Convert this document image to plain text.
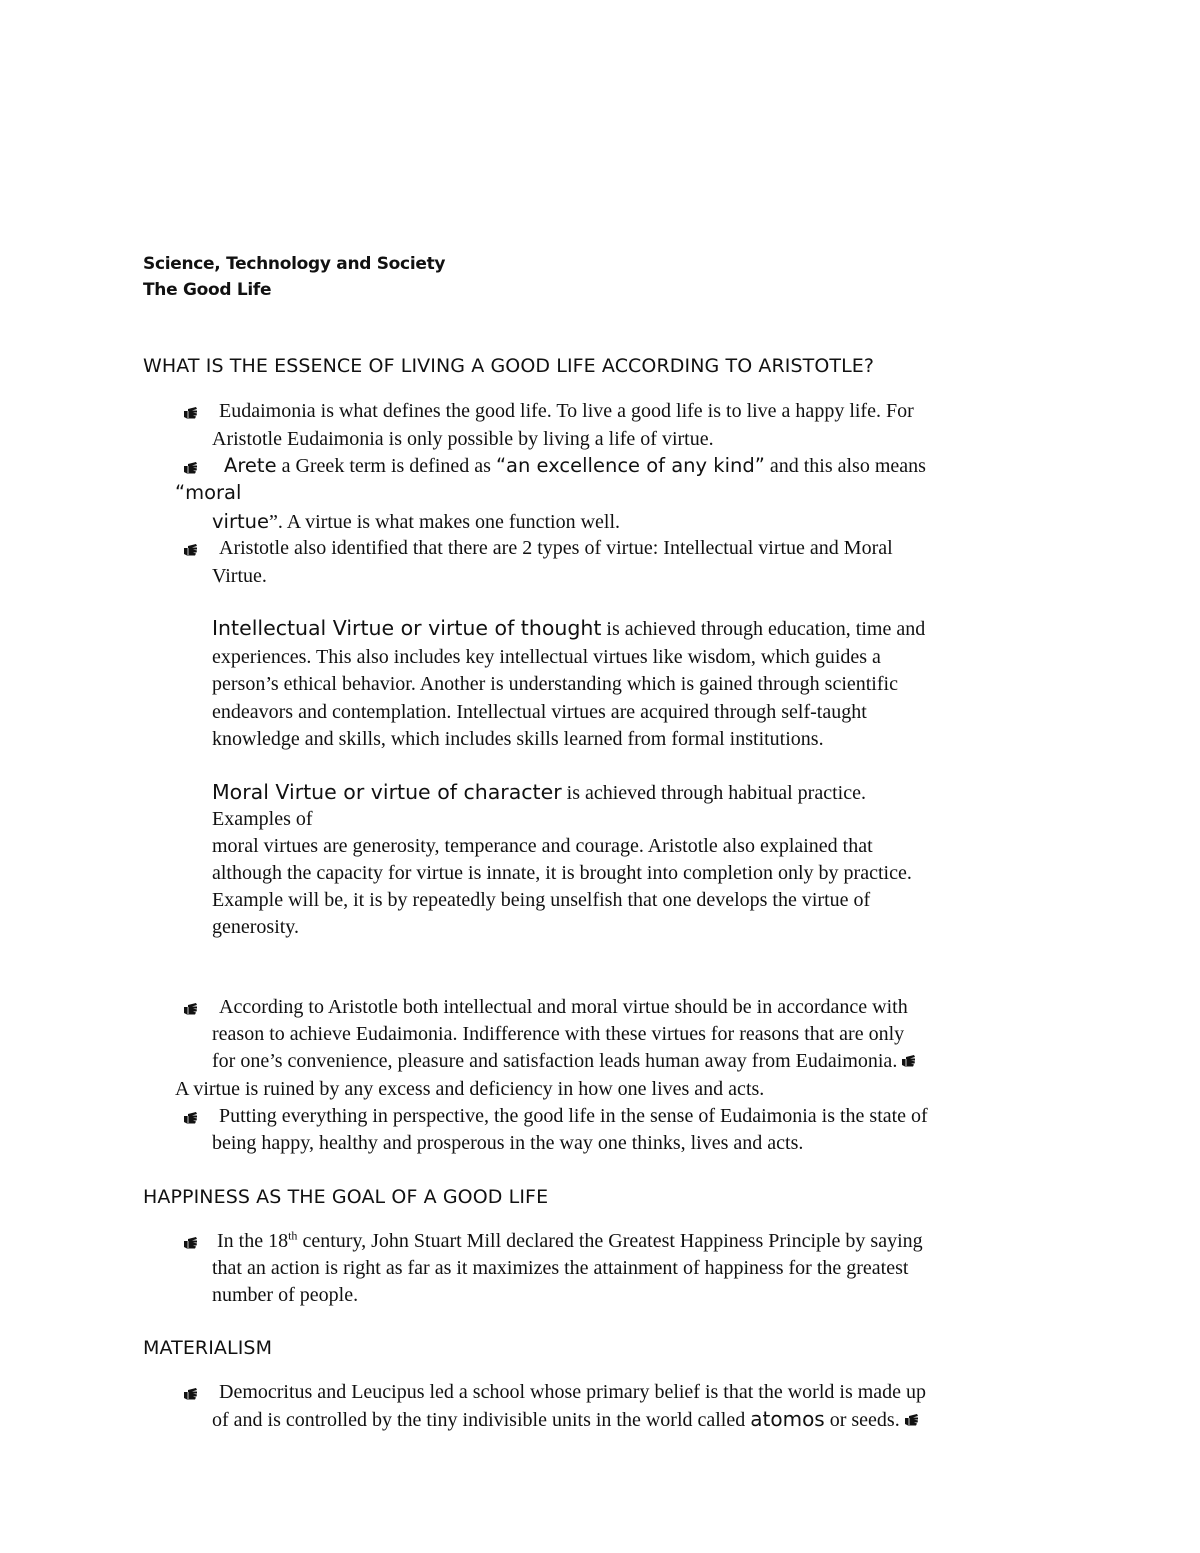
Science, Technology and Society
The Good Life
WHAT IS THE ESSENCE OF LIVING A GOOD LIFE ACCORDING TO ARISTOTLE?
Eudaimonia is what defines the good life. To live a good life is to live a happy life. For
Aristotle Eudaimonia is only possible by living a life of virtue.
Arete a Greek term is defined as “an excellence of any kind” and this also means
“moral
virtue”. A virtue is what makes one function well.
Aristotle also identified that there are 2 types of virtue: Intellectual virtue and Moral
Virtue.
Intellectual Virtue or virtue of thought is achieved through education, time and
experiences. This also includes key intellectual virtues like wisdom, which guides a
person’s ethical behavior. Another is understanding which is gained through scientific
endeavors and contemplation. Intellectual virtues are acquired through self-taught
knowledge and skills, which includes skills learned from formal institutions.
Moral Virtue or virtue of character is achieved through habitual practice.
Examples of
moral virtues are generosity, temperance and courage. Aristotle also explained that
although the capacity for virtue is innate, it is brought into completion only by practice.
Example will be, it is by repeatedly being unselfish that one develops the virtue of
generosity.
According to Aristotle both intellectual and moral virtue should be in accordance with
reason to achieve Eudaimonia. Indifference with these virtues for reasons that are only
for one’s convenience, pleasure and satisfaction leads human away from Eudaimonia.
A virtue is ruined by any excess and deficiency in how one lives and acts.
Putting everything in perspective, the good life in the sense of Eudaimonia is the state of
being happy, healthy and prosperous in the way one thinks, lives and acts.
HAPPINESS AS THE GOAL OF A GOOD LIFE
In the 18th century, John Stuart Mill declared the Greatest Happiness Principle by saying
that an action is right as far as it maximizes the attainment of happiness for the greatest
number of people.
MATERIALISM
Democritus and Leucipus led a school whose primary belief is that the world is made up
of and is controlled by the tiny indivisible units in the world called atomos or seeds.
